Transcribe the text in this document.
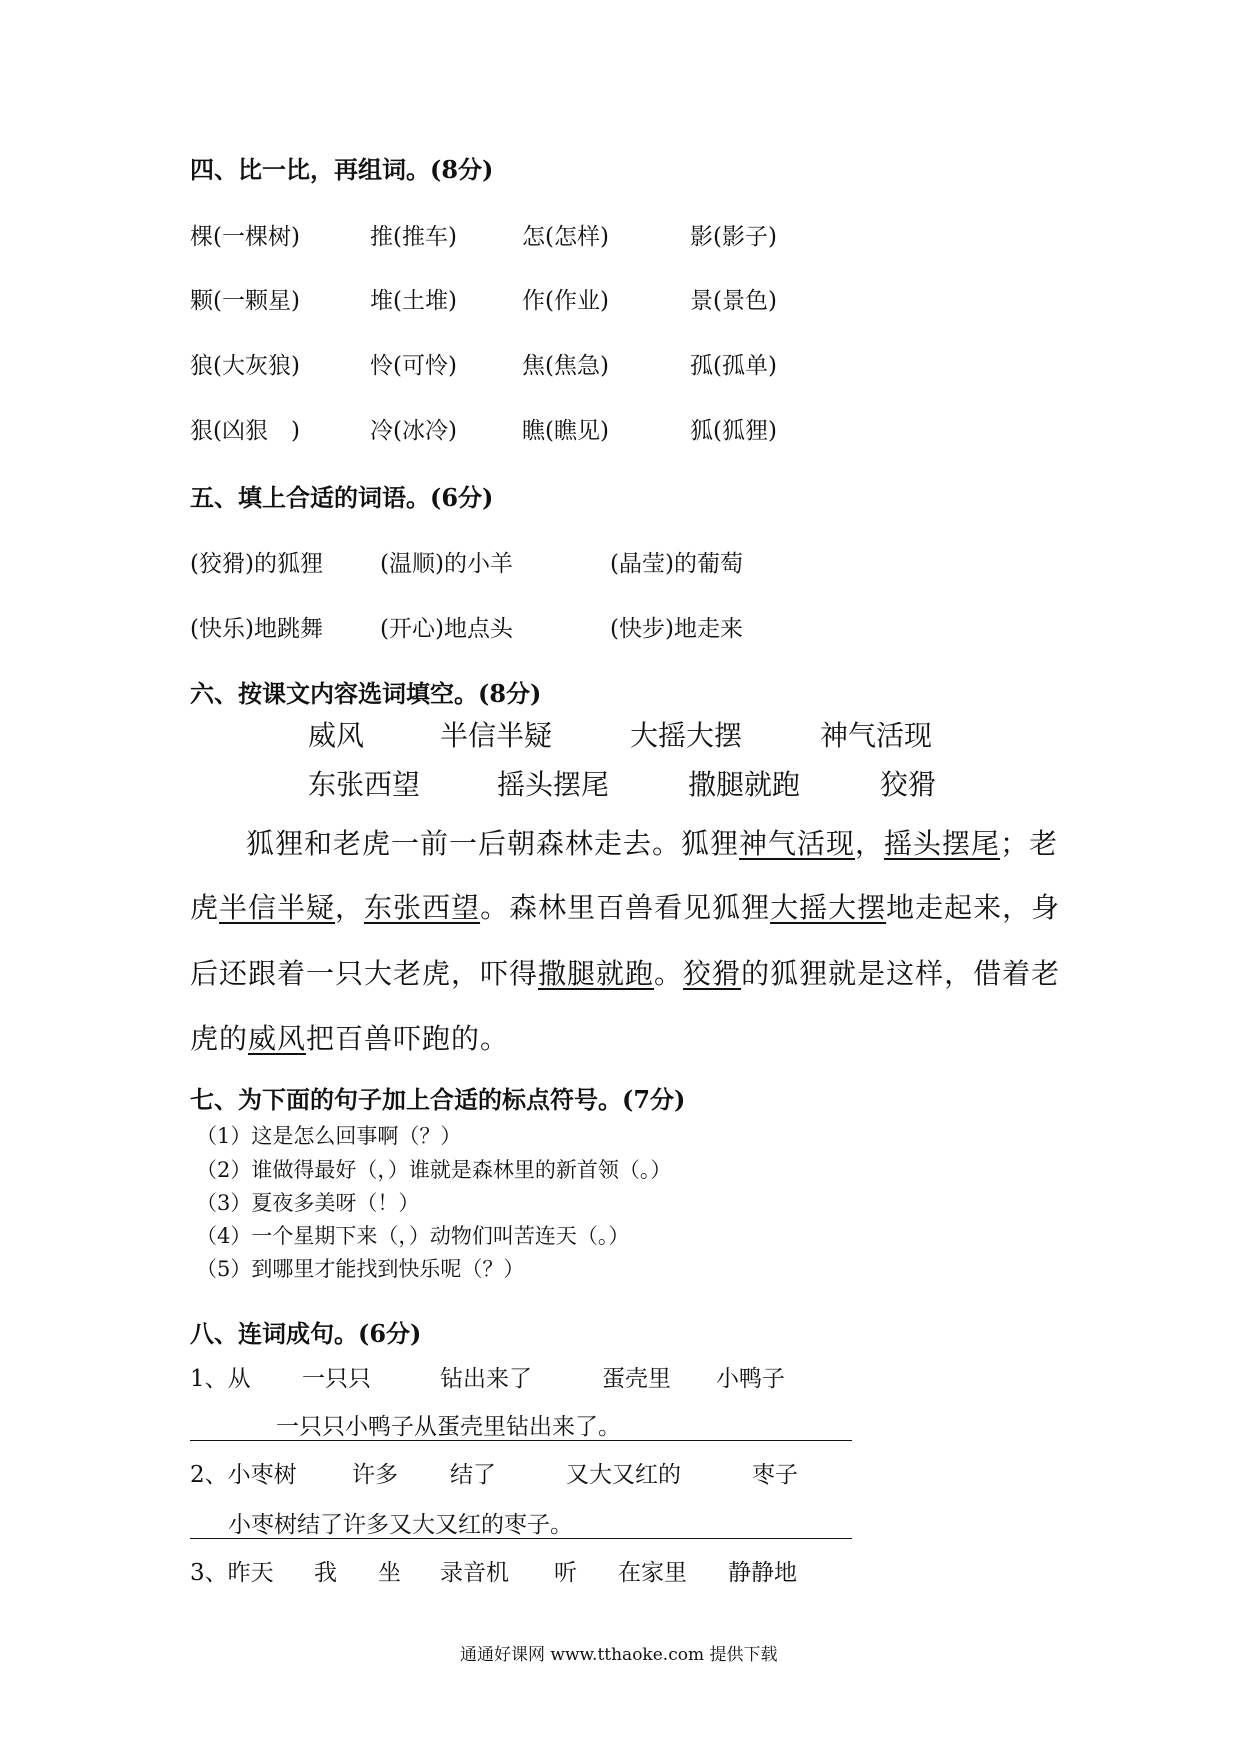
四、比一比，再组词。(8分)
棵(一棵树)	推(推车)	怎(怎样)	影(影子)
颗(一颗星)	堆(土堆)	作(作业)	景(景色)
狼(大灰狼)	怜(可怜)	焦(焦急)	孤(孤单)
狠(凶狠　)	冷(冰冷)	瞧(瞧见)	狐(狐狸)
五、填上合适的词语。(6分)
(狡猾)的狐狸 (温顺)的小羊	(晶莹)的葡萄
(快乐)地跳舞 (开心)地点头	(快步)地走来
六、按课文内容选词填空。(8分)
威风	半信半疑	大摇大摆	神气活现
东张西望	摇头摆尾	撒腿就跑	狡猾
狐狸和老虎一前一后朝森林走去。狐狸神气活现，摇头摆尾；老
虎半信半疑，东张西望。森林里百兽看见狐狸大摇大摆地走起来，身
后还跟着一只大老虎，吓得撒腿就跑。狡猾的狐狸就是这样，借着老
虎的威风把百兽吓跑的。
七、为下面的句子加上合适的标点符号。(7分)
（1）这是怎么回事啊（？）
（2）谁做得最好（，）谁就是森林里的新首领（。）
（3）夏夜多美呀（！）
（4）一个星期下来（，）动物们叫苦连天（。）
（5）到哪里才能找到快乐呢（？）
八、连词成句。(6分)
1、从 一只只	钻出来了	蛋壳里 小鸭子
一只只小鸭子从蛋壳里钻出来了。
2、小枣树 许多 结了	又大又红的	枣子
小枣树结了许多又大又红的枣子。
3、昨天 我 坐 录音机 听 在家里 静静地
通通好课网 www.tthaoke.com 提供下载
